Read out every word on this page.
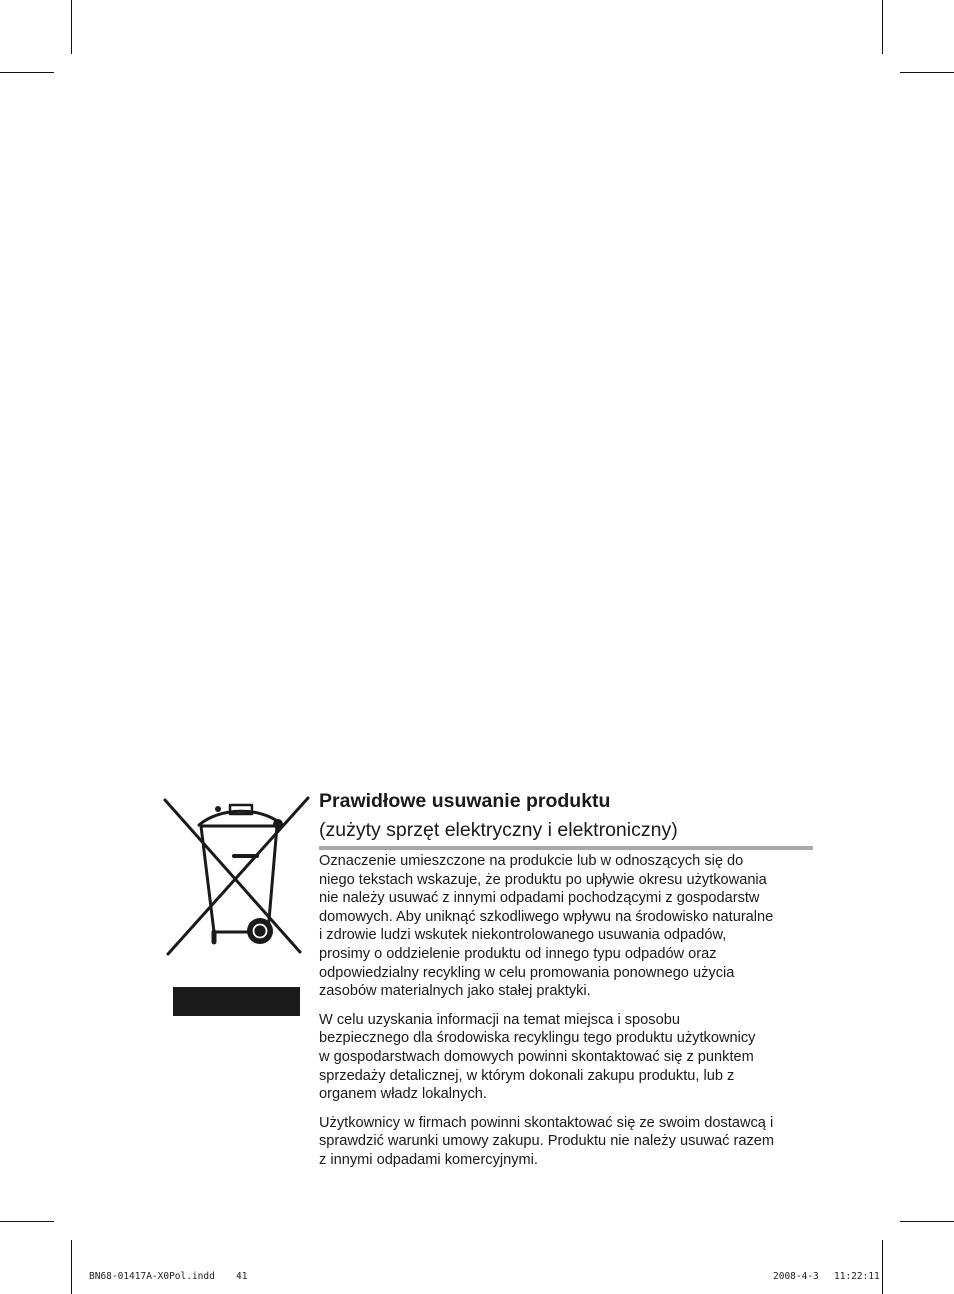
Prawidłowe usuwanie produktu
(zużyty sprzęt elektryczny i elektroniczny)

Oznaczenie umieszczone na produkcie lub w odnoszących się do
niego tekstach wskazuje, że produktu po upływie okresu użytkowania
nie należy usuwać z innymi odpadami pochodzącymi z gospodarstw
domowych. Aby uniknąć szkodliwego wpływu na środowisko naturalne
i zdrowie ludzi wskutek niekontrolowanego usuwania odpadów,
prosimy o oddzielenie produktu od innego typu odpadów oraz
odpowiedzialny recykling w celu promowania ponownego użycia
zasobów materialnych jako stałej praktyki.

W celu uzyskania informacji na temat miejsca i sposobu
bezpiecznego dla środowiska recyklingu tego produktu użytkownicy
w gospodarstwach domowych powinni skontaktować się z punktem
sprzedaży detalicznej, w którym dokonali zakupu produktu, lub z
organem władz lokalnych.

Użytkownicy w firmach powinni skontaktować się ze swoim dostawcą i
sprawdzić warunki umowy zakupu. Produktu nie należy usuwać razem
z innymi odpadami komercyjnymi.

BN68-01417A-X0Pol.indd 41	2008-4-3 11:22:11
